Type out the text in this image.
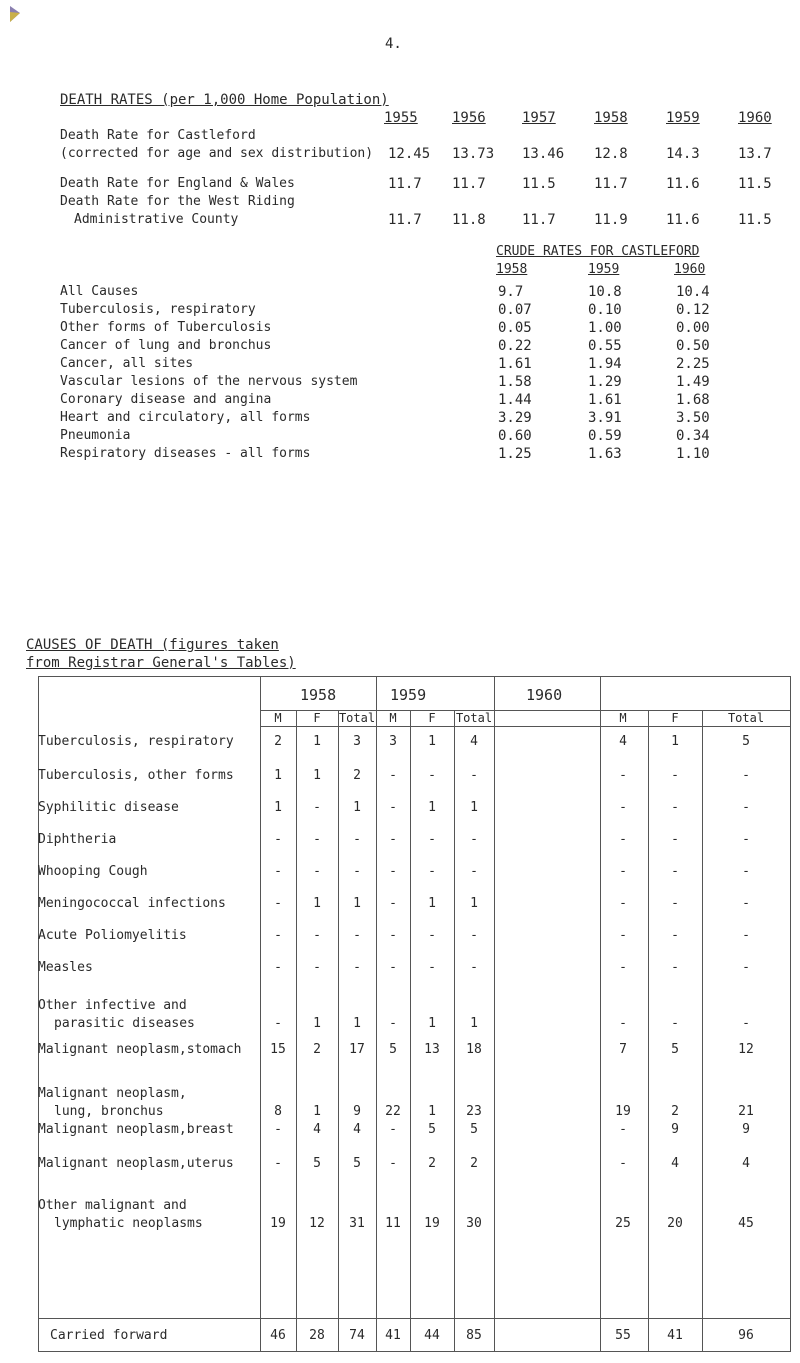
4.
DEATH RATES (per 1,000 Home Population)
1955 1956	1957	1958	1959	1960
Death Rate for Castleford
(corrected for age and sex distribution) 12.45 13.73 13.46 12.8	14.3	13.7
Death Rate for England & Wales	11.7 11.7	11.5	11.7	11.6	11.5
Death Rate for the West Riding
Administrative County	11.7 11.8	11.7	11.9	11.6	11.5
CRUDE RATES FOR CASTLEFORD
1958	1959	1960
All Causes	9.7	10.8	10.4
Tuberculosis, respiratory	0.07	0.10	0.12
Other forms of Tuberculosis	0.05	1.00	0.00
Cancer of lung and bronchus	0.22	0.55	0.50
Cancer, all sites	1.61	1.94	2.25
Vascular lesions of the nervous system	1.58	1.29	1.49
Coronary disease and angina	1.44	1.61	1.68
Heart and circulatory, all forms	3.29	3.91	3.50
Pneumonia	0.60	0.59	0.34
Respiratory diseases - all forms	1.25	1.63	1.10
CAUSES OF DEATH (figures taken
from Registrar General's Tables)
1958	1959	1960
M	F	Total	M	F	Total	M	F	Total
Tuberculosis, respiratory	2	1	3	3	1	4	4	1	5
Tuberculosis, other forms	1	1	2	-	-	-	-	-	-
Syphilitic disease	1	-	1	-	1	1	-	-	-
Diphtheria	-	-	-	-	-	-	-	-	-
Whooping Cough	-	-	-	-	-	-	-	-	-
Meningococcal infections	-	1	1	-	1	1	-	-	-
Acute Poliomyelitis	-	-	-	-	-	-	-	-	-
Measles	-	-	-	-	-	-	-	-	-
Other infective and
parasitic diseases	-	1	1	-	1	1	-	-	-
Malignant neoplasm,stomach	15	2	17	5	13	18	7	5	12
Malignant neoplasm,
lung, bronchus	8	1	9	22	1	23	19	2	21
Malignant neoplasm,breast	-	4	4	-	5	5	-	9	9
Malignant neoplasm,uterus	-	5	5	-	2	2	-	4	4
Other malignant and
lymphatic neoplasms	19	12	31	11	19	30	25	20	45
Carried forward	46	28	74	41	44	85	55	41	96
